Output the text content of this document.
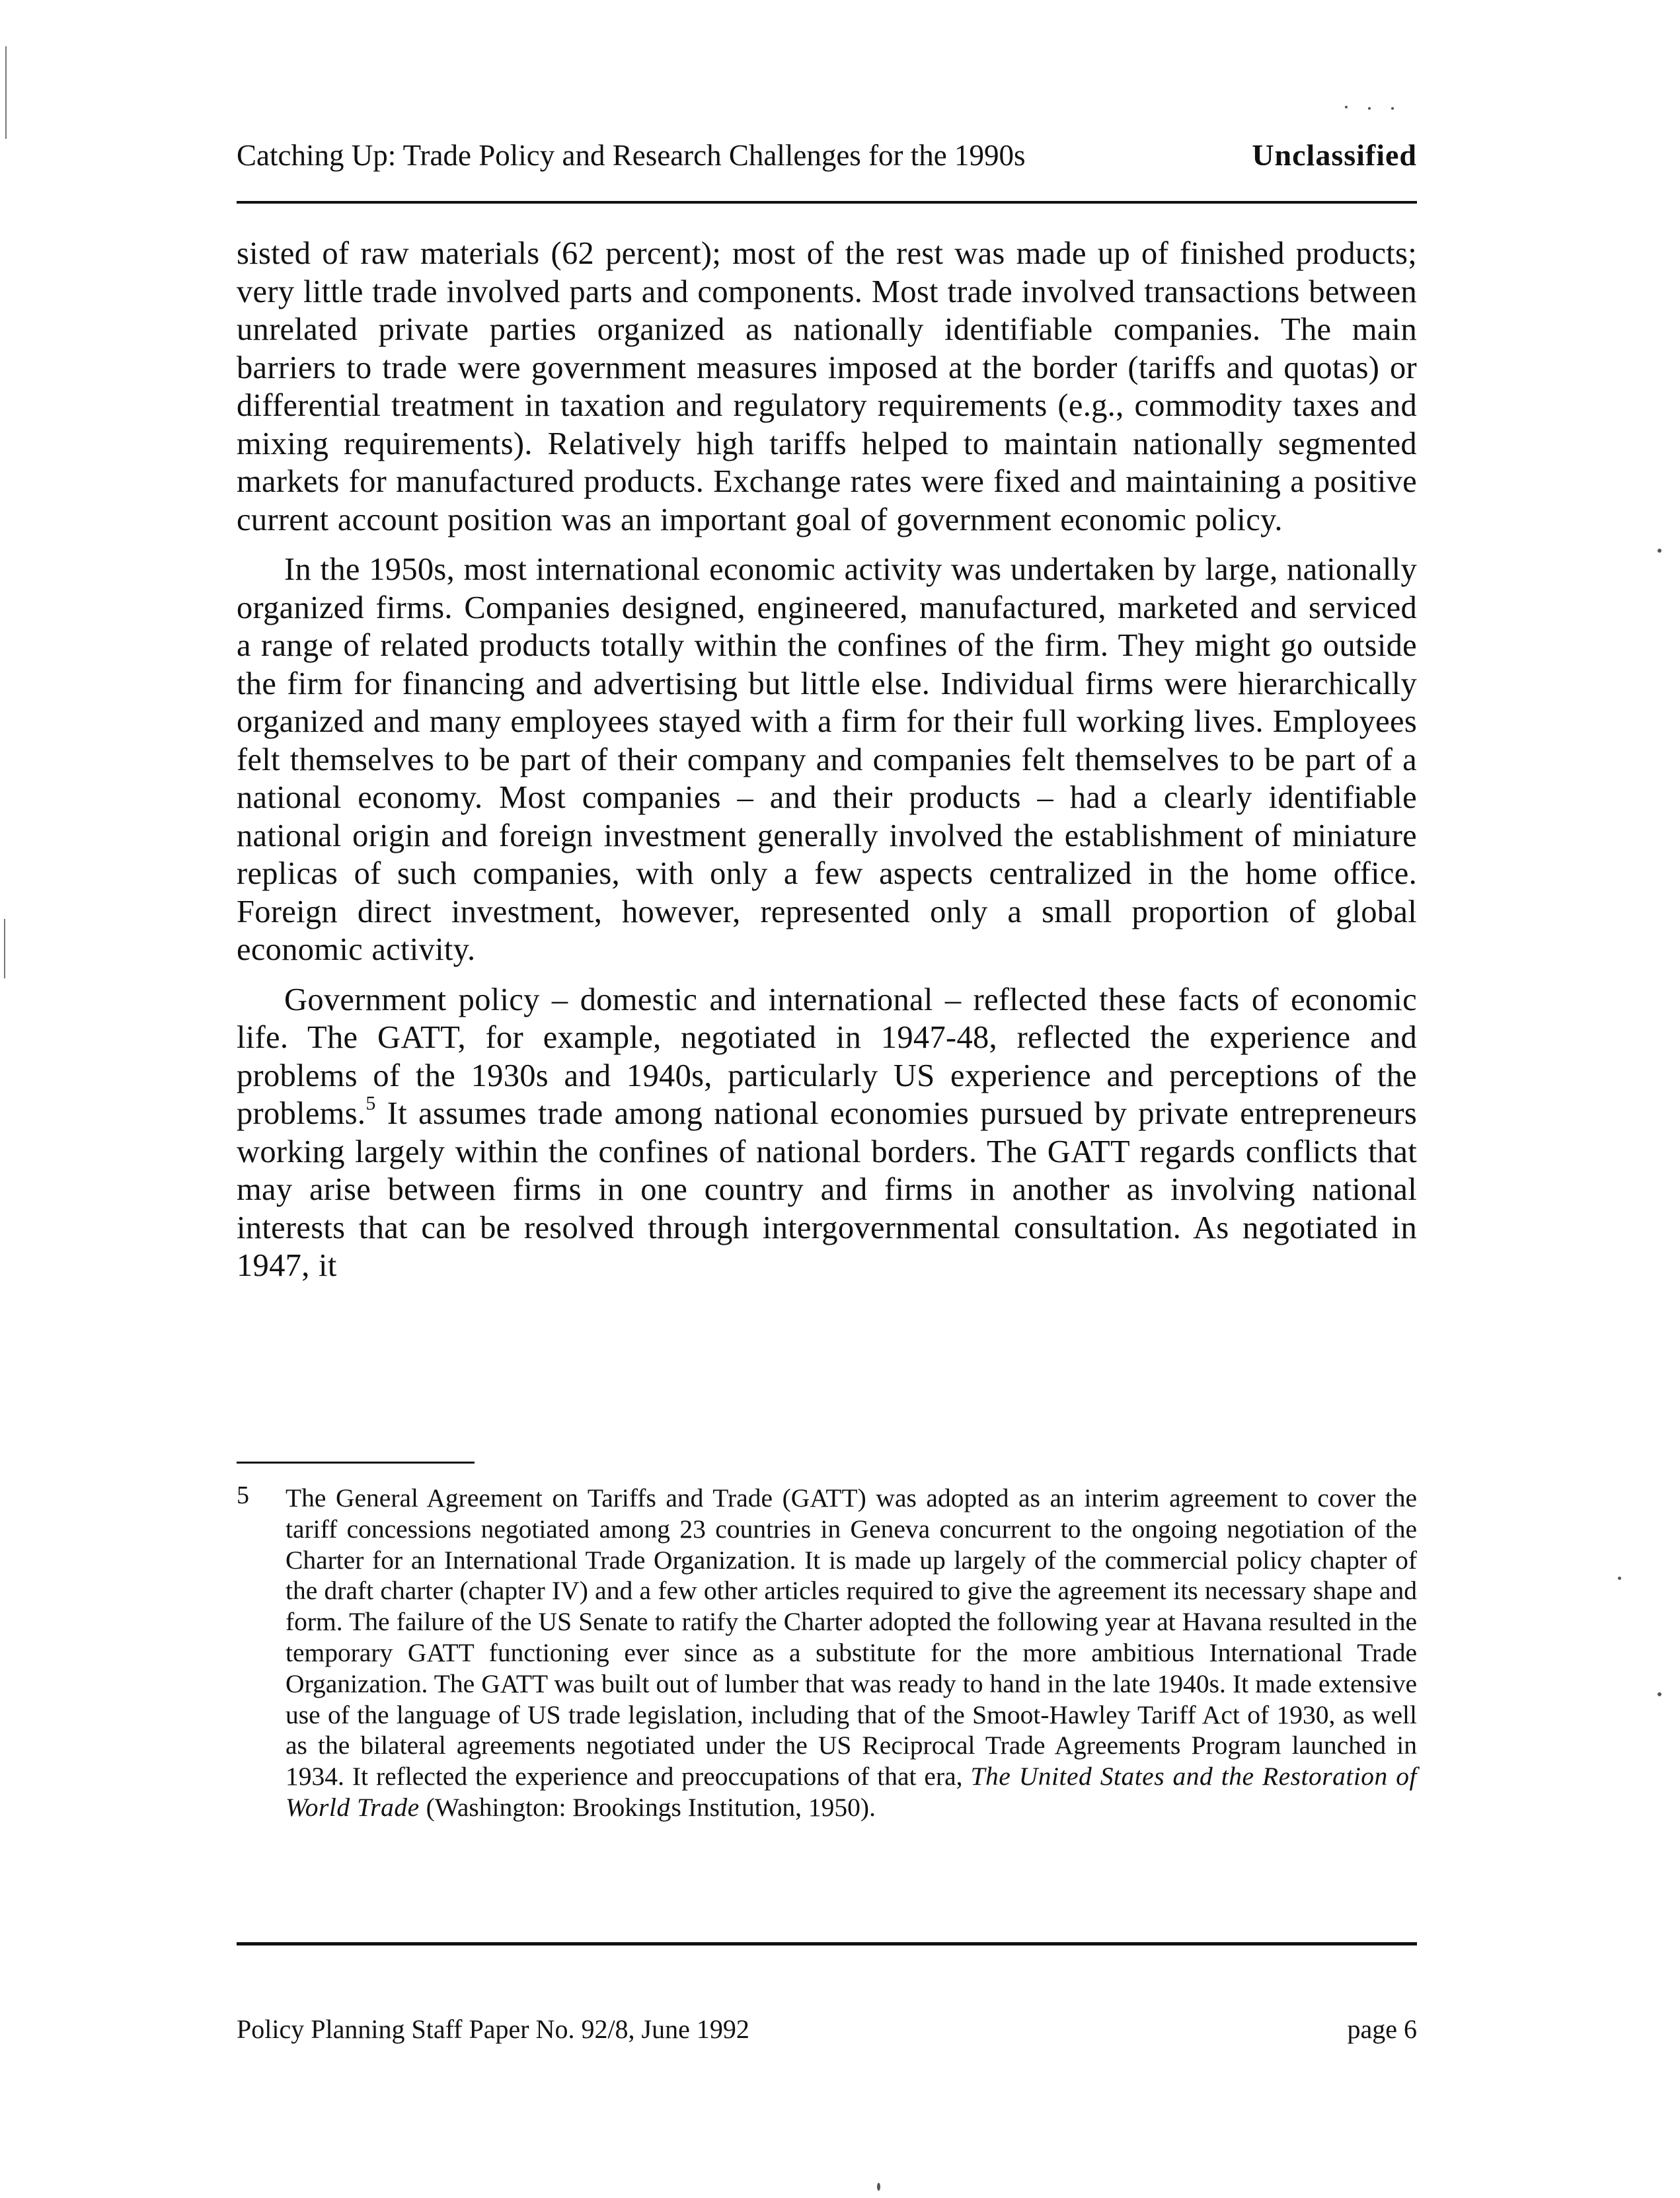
Catching Up: Trade Policy and Research Challenges for the 1990s	Unclassified

sisted of raw materials (62 percent); most of the rest was made up of finished products; very little trade involved parts and components. Most trade involved transactions between unrelated private parties organized as nationally identifiable companies. The main barriers to trade were government measures imposed at the border (tariffs and quotas) or differential treatment in taxation and regulatory requirements (e.g., commodity taxes and mixing requirements). Relatively high tariffs helped to maintain nationally segmented markets for manufactured products. Exchange rates were fixed and maintaining a positive current account position was an important goal of government economic policy.

In the 1950s, most international economic activity was undertaken by large, nationally organized firms. Companies designed, engineered, manufactured, marketed and serviced a range of related products totally within the confines of the firm. They might go outside the firm for financing and advertising but little else. Individual firms were hierarchically organized and many employees stayed with a firm for their full working lives. Employees felt themselves to be part of their company and companies felt themselves to be part of a national economy. Most companies – and their products – had a clearly identifiable national origin and foreign investment generally involved the establishment of miniature replicas of such companies, with only a few aspects centralized in the home office. Foreign direct investment, however, represented only a small proportion of global economic activity.

Government policy – domestic and international – reflected these facts of economic life. The GATT, for example, negotiated in 1947-48, reflected the experience and problems of the 1930s and 1940s, particularly US experience and perceptions of the problems.$^5$ It assumes trade among national economies pursued by private entrepreneurs working largely within the confines of national borders. The GATT regards conflicts that may arise between firms in one country and firms in another as involving national interests that can be resolved through intergovernmental consultation. As negotiated in 1947, it

5 The General Agreement on Tariffs and Trade (GATT) was adopted as an interim agreement to cover the tariff concessions negotiated among 23 countries in Geneva concurrent to the ongoing negotiation of the Charter for an International Trade Organization. It is made up largely of the commercial policy chapter of the draft charter (chapter IV) and a few other articles required to give the agreement its necessary shape and form. The failure of the US Senate to ratify the Charter adopted the following year at Havana resulted in the temporary GATT functioning ever since as a substitute for the more ambitious International Trade Organization. The GATT was built out of lumber that was ready to hand in the late 1940s. It made extensive use of the language of US trade legislation, including that of the Smoot-Hawley Tariff Act of 1930, as well as the bilateral agreements negotiated under the US Reciprocal Trade Agreements Program launched in 1934. It reflected the experience and preoccupations of that era, The United States and the Restoration of World Trade (Washington: Brookings Institution, 1950).
Policy Planning Staff Paper No. 92/8, June 1992	page 6
